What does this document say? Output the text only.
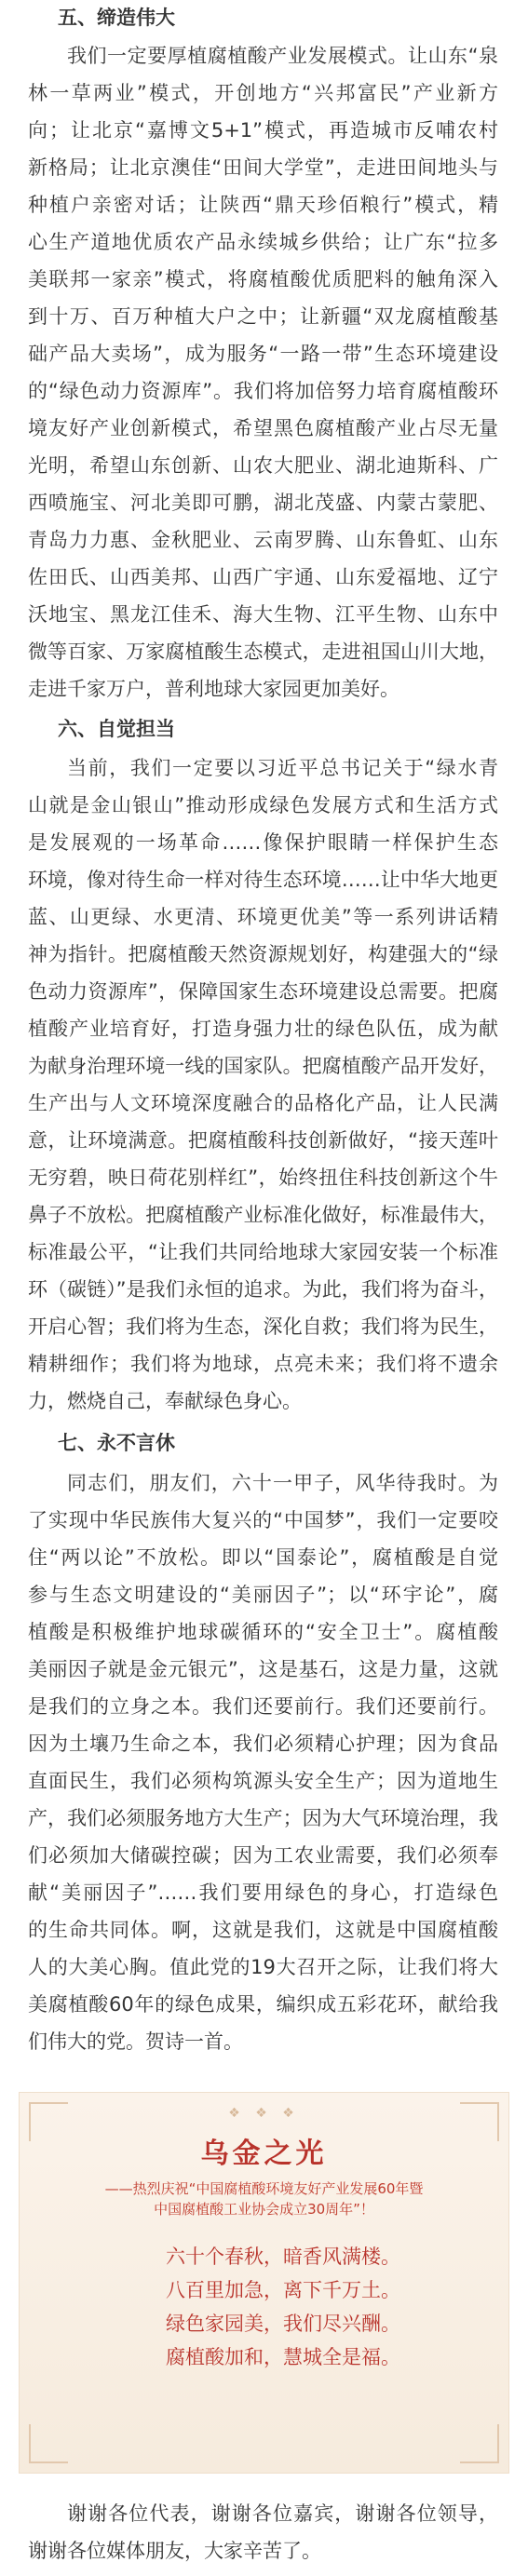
五、缔造伟大
我们一定要厚植腐植酸产业发展模式。让山东“泉
林一草两业”模式，开创地方“兴邦富民”产业新方
向；让北京“嘉博文5+1”模式，再造城市反哺农村
新格局；让北京澳佳“田间大学堂”，走进田间地头与
种植户亲密对话；让陕西“鼎天珍佰粮行”模式，精
心生产道地优质农产品永续城乡供给；让广东“拉多
美联邦一家亲”模式，将腐植酸优质肥料的触角深入
到十万、百万种植大户之中；让新疆“双龙腐植酸基
础产品大卖场”，成为服务“一路一带”生态环境建设
的“绿色动力资源库”。我们将加倍努力培育腐植酸环
境友好产业创新模式，希望黑色腐植酸产业占尽无量
光明，希望山东创新、山农大肥业、湖北迪斯科、广
西喷施宝、河北美即可鹏，湖北茂盛、内蒙古蒙肥、
青岛力力惠、金秋肥业、云南罗腾、山东鲁虹、山东
佐田氏、山西美邦、山西广宇通、山东爱福地、辽宁
沃地宝、黑龙江佳禾、海大生物、江平生物、山东中
微等百家、万家腐植酸生态模式，走进祖国山川大地，
走进千家万户，普利地球大家园更加美好。
六、自觉担当
当前，我们一定要以习近平总书记关于“绿水青
山就是金山银山”推动形成绿色发展方式和生活方式
是发展观的一场革命……像保护眼睛一样保护生态
环境，像对待生命一样对待生态环境……让中华大地更
蓝、山更绿、水更清、环境更优美”等一系列讲话精
神为指针。把腐植酸天然资源规划好，构建强大的“绿
色动力资源库”，保障国家生态环境建设总需要。把腐
植酸产业培育好，打造身强力壮的绿色队伍，成为献
为献身治理环境一线的国家队。把腐植酸产品开发好，
生产出与人文环境深度融合的品格化产品，让人民满
意，让环境满意。把腐植酸科技创新做好，“接天莲叶
无穷碧，映日荷花别样红”，始终扭住科技创新这个牛
鼻子不放松。把腐植酸产业标准化做好，标准最伟大，
标准最公平，“让我们共同给地球大家园安装一个标准
环（碳链）”是我们永恒的追求。为此，我们将为奋斗，
开启心智；我们将为生态，深化自救；我们将为民生，
精耕细作；我们将为地球，点亮未来；我们将不遗余
力，燃烧自己，奉献绿色身心。
七、永不言休
同志们，朋友们，六十一甲子，风华待我时。为
了实现中华民族伟大复兴的“中国梦”，我们一定要咬
住“两以论”不放松。即以“国泰论”，腐植酸是自觉
参与生态文明建设的“美丽因子”；以“环宇论”，腐
植酸是积极维护地球碳循环的“安全卫士”。腐植酸
美丽因子就是金元银元”，这是基石，这是力量，这就
是我们的立身之本。我们还要前行。我们还要前行。
因为土壤乃生命之本，我们必须精心护理；因为食品
直面民生，我们必须构筑源头安全生产；因为道地生
产，我们必须服务地方大生产；因为大气环境治理，我
们必须加大储碳控碳；因为工农业需要，我们必须奉
献“美丽因子”……我们要用绿色的身心，打造绿色
的生命共同体。啊，这就是我们，这就是中国腐植酸
人的大美心胸。值此党的19大召开之际，让我们将大
美腐植酸60年的绿色成果，编织成五彩花环，献给我
们伟大的党。贺诗一首。
❖ ❖ ❖
乌金之光

——热烈庆祝“中国腐植酸环境友好产业发展60年暨

中国腐植酸工业协会成立30周年”！

六十个春秋，暗香风满楼。
八百里加急，离下千万土。
绿色家园美，我们尽兴酬。
腐植酸加和，慧城全是福。
谢谢各位代表，谢谢各位嘉宾，谢谢各位领导，
谢谢各位媒体朋友，大家辛苦了。
